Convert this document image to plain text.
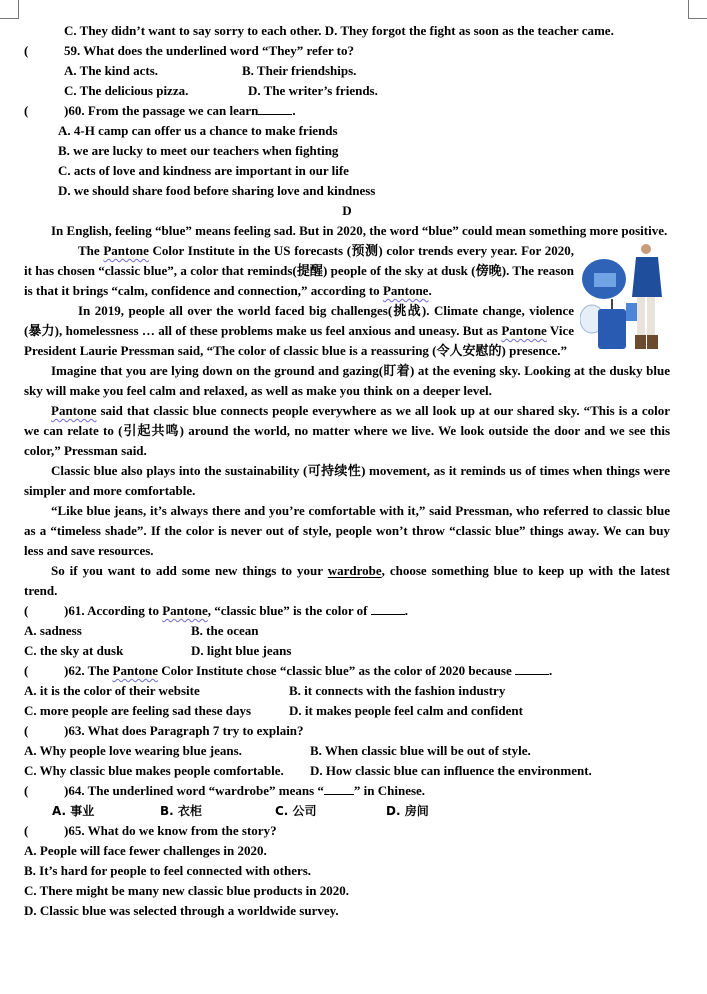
C. They didn’t want to say sorry to each other. D. They forgot the fight as soon as the teacher came.
(	59. What does the underlined word “They” refer to?
A. The kind acts.	B. Their friendships.
C. The delicious pizza.	D. The writer’s friends.
(	)60. From the passage we can learn	.
A. 4-H camp can offer us a chance to make friends
B. we are lucky to meet our teachers when fighting
C. acts of love and kindness are important in our life
D. we should share food before sharing love and kindness
D
In English, feeling “blue” means feeling sad. But in 2020, the word “blue” could mean something more positive.
The Pantone Color Institute in the US forecasts (预测) color trends every year. For 2020, it has chosen “classic blue”, a color that reminds(提醒) people of the sky at dusk (傍晚). The reason is that it brings “calm, confidence and connection,” according to Pantone.
In 2019, people all over the world faced big challenges(挑战). Climate change, violence (暴力), homelessness … all of these problems make us feel anxious and uneasy. But as Pantone Vice President Laurie Pressman said, “The color of classic blue is a reassuring (令人安慰的) presence.”
Imagine that you are lying down on the ground and gazing(盯着) at the evening sky. Looking at the dusky blue sky will make you feel calm and relaxed, as well as make you think on a deeper level.
Pantone said that classic blue connects people everywhere as we all look up at our shared sky. “This is a color we can relate to (引起共鸣) around the world, no matter where we live. We look outside the door and we see this color,” Pressman said.
Classic blue also plays into the sustainability (可持续性) movement, as it reminds us of times when things were simpler and more comfortable.
“Like blue jeans, it’s always there and you’re comfortable with it,” said Pressman, who referred to classic blue as a “timeless shade”. If the color is never out of style, people won’t throw “classic blue” things away. We can buy less and save resources.
So if you want to add some new things to your wardrobe, choose something blue to keep up with the latest trend.
(	)61. According to Pantone, “classic blue” is the color of	.
A. sadness	B. the ocean
C. the sky at dusk	D. light blue jeans
(	)62. The Pantone Color Institute chose “classic blue” as the color of 2020 because	.
A. it is the color of their website	B. it connects with the fashion industry
C. more people are feeling sad these days	D. it makes people feel calm and confident
(	)63. What does Paragraph 7 try to explain?
A. Why people love wearing blue jeans.	B. When classic blue will be out of style.
C. Why classic blue makes people comfortable. D. How classic blue can influence the environment.
(	)64. The underlined word “wardrobe” means “ ” in Chinese.
A. 事业	B. 衣柜	C. 公司	D. 房间
(	)65. What do we know from the story?
A. People will face fewer challenges in 2020.
B. It’s hard for people to feel connected with others.
C. There might be many new classic blue products in 2020.
D. Classic blue was selected through a worldwide survey.
